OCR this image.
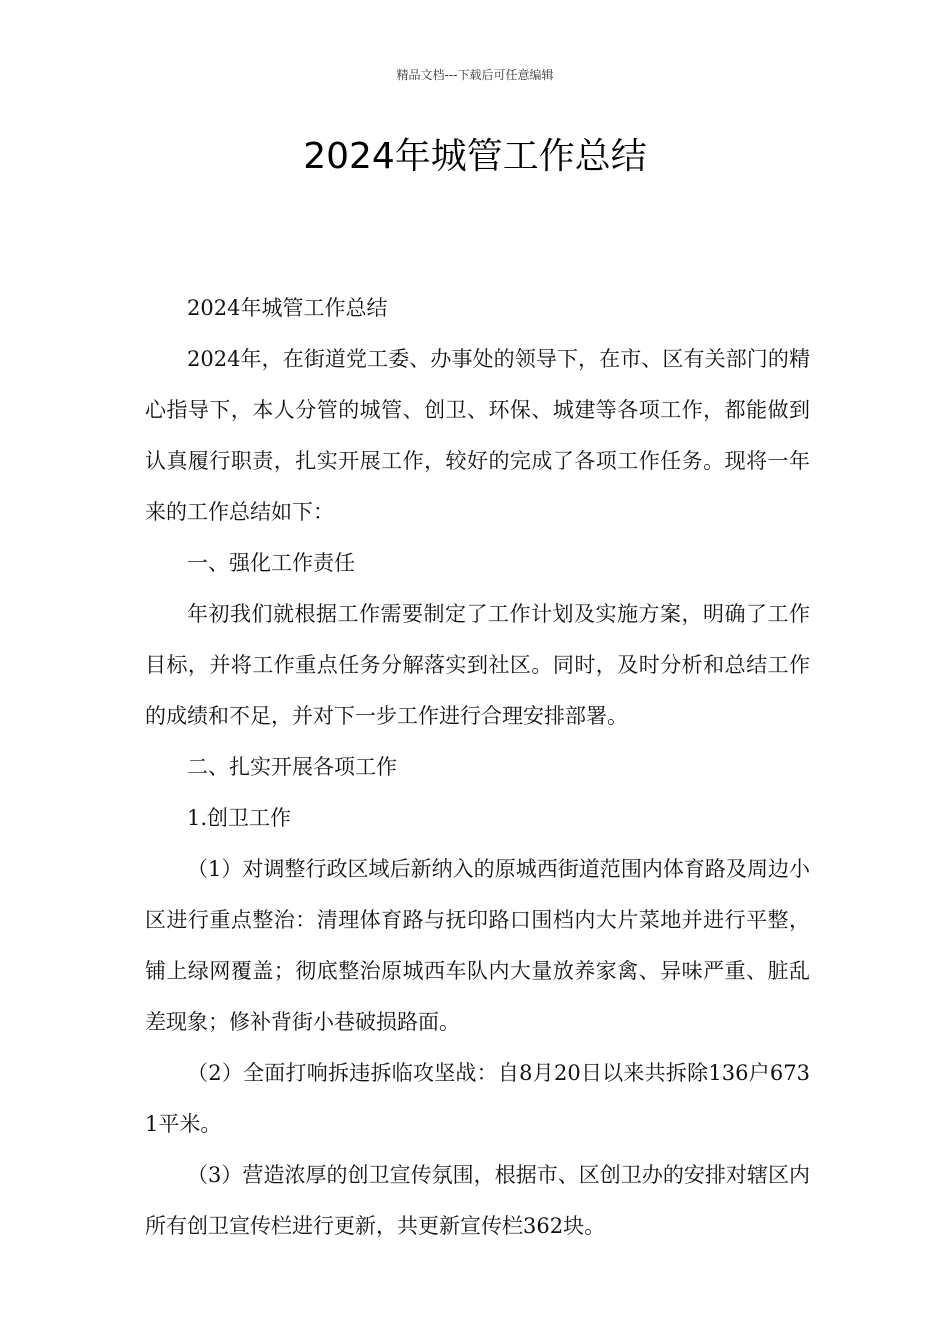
精品文档---下载后可任意编辑
2024年城管工作总结

2024年城管工作总结

2024年，在街道党工委、办事处的领导下，在市、区有关部门的精心指导下，本人分管的城管、创卫、环保、城建等各项工作，都能做到认真履行职责，扎实开展工作，较好的完成了各项工作任务。现将一年来的工作总结如下：

一、强化工作责任

年初我们就根据工作需要制定了工作计划及实施方案，明确了工作目标，并将工作重点任务分解落实到社区。同时，及时分析和总结工作的成绩和不足，并对下一步工作进行合理安排部署。

二、扎实开展各项工作

1.创卫工作

（1）对调整行政区域后新纳入的原城西街道范围内体育路及周边小区进行重点整治：清理体育路与抚印路口围档内大片菜地并进行平整，铺上绿网覆盖；彻底整治原城西车队内大量放养家禽、异味严重、脏乱差现象；修补背街小巷破损路面。

（2）全面打响拆违拆临攻坚战：自8月20日以来共拆除136户6731平米。

（3）营造浓厚的创卫宣传氛围，根据市、区创卫办的安排对辖区内所有创卫宣传栏进行更新，共更新宣传栏362块。
